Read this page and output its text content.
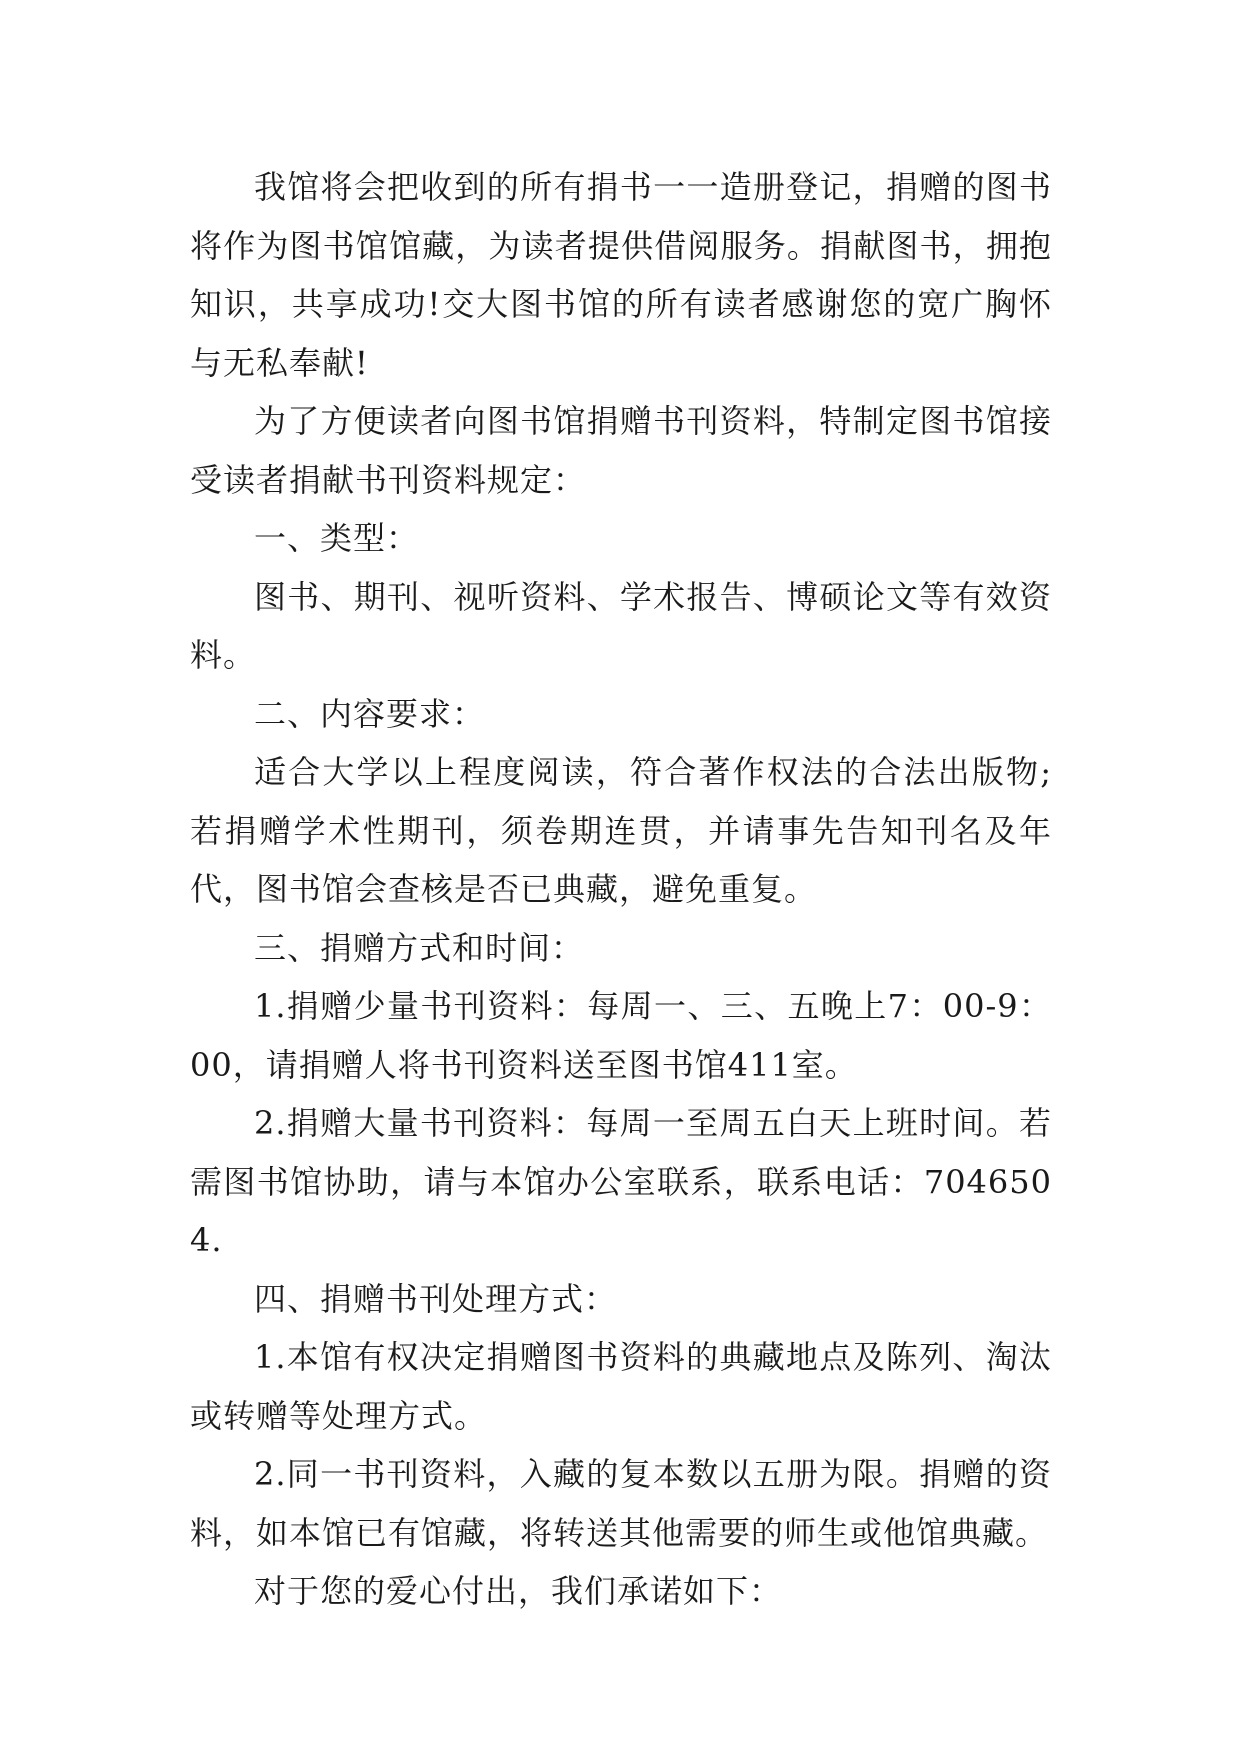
我馆将会把收到的所有捐书一一造册登记，捐赠的图书将作为图书馆馆藏，为读者提供借阅服务。捐献图书，拥抱知识，共享成功!交大图书馆的所有读者感谢您的宽广胸怀与无私奉献!

为了方便读者向图书馆捐赠书刊资料，特制定图书馆接受读者捐献书刊资料规定：

一、类型：

图书、期刊、视听资料、学术报告、博硕论文等有效资料。

二、内容要求：

适合大学以上程度阅读，符合著作权法的合法出版物;若捐赠学术性期刊，须卷期连贯，并请事先告知刊名及年代，图书馆会查核是否已典藏，避免重复。

三、捐赠方式和时间：

1.捐赠少量书刊资料：每周一、三、五晚上7：00-9：00，请捐赠人将书刊资料送至图书馆411室。

2.捐赠大量书刊资料：每周一至周五白天上班时间。若需图书馆协助，请与本馆办公室联系，联系电话：7046504.

四、捐赠书刊处理方式：

1.本馆有权决定捐赠图书资料的典藏地点及陈列、淘汰或转赠等处理方式。

2.同一书刊资料，入藏的复本数以五册为限。捐赠的资料，如本馆已有馆藏，将转送其他需要的师生或他馆典藏。

对于您的爱心付出，我们承诺如下：
